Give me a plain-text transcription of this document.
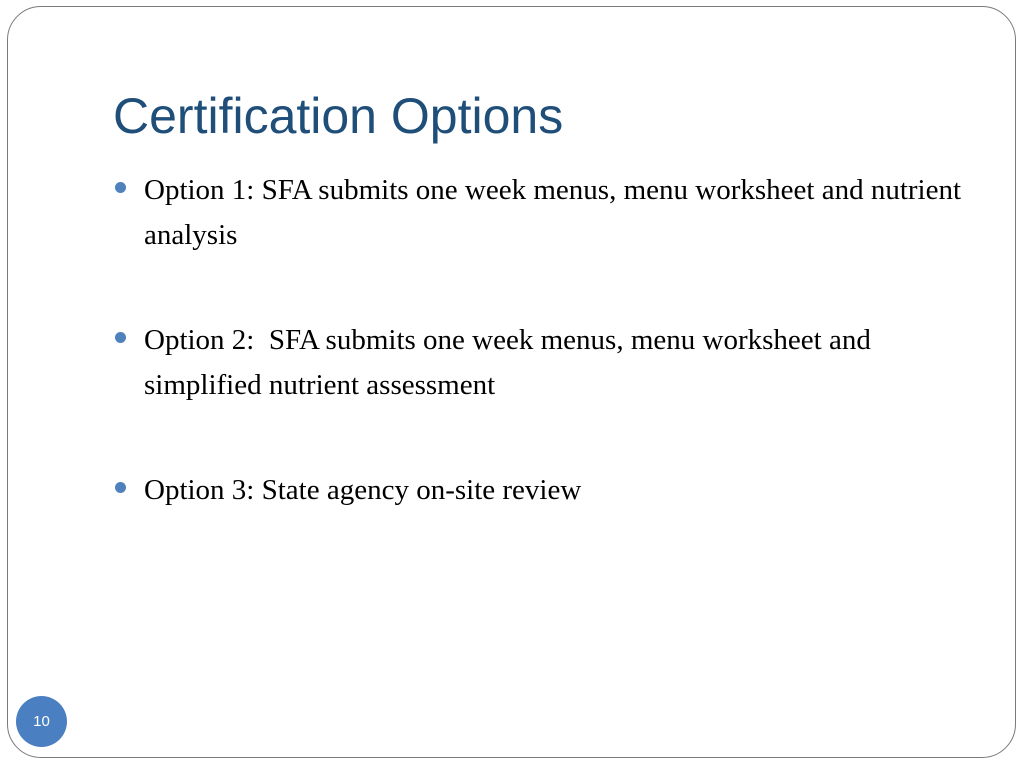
Certification Options
Option 1: SFA submits one week menus, menu worksheet and nutrient analysis
Option 2:  SFA submits one week menus, menu worksheet and simplified nutrient assessment
Option 3: State agency on-site review
10
